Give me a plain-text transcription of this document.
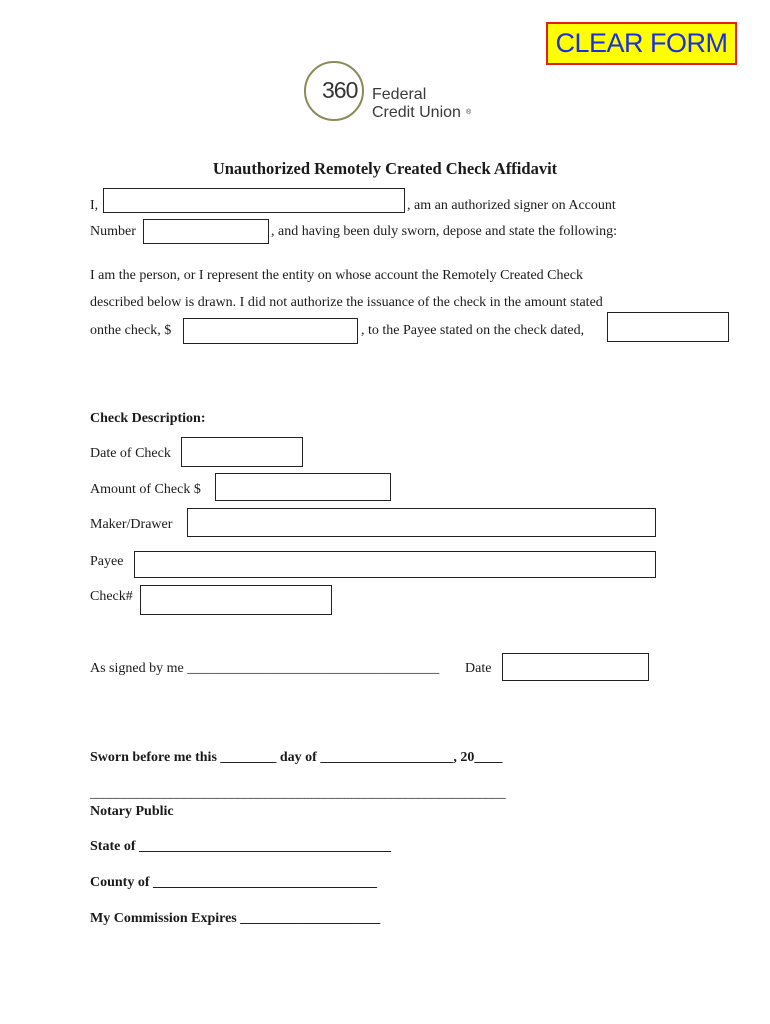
CLEAR FORM
360 Federal
Credit Union ®
Unauthorized Remotely Created Check Affidavit
I,	, am an authorized signer on Account
Number	, and having been duly sworn, depose and state the following:
I am the person, or I represent the entity on whose account the Remotely Created Check
described below is drawn. I did not authorize the issuance of the check in the amount stated
onthe check, $	, to the Payee stated on the check dated,
Check Description:
Date of Check
Amount of Check $
Maker/Drawer
Payee
Check#
As signed by me ____________________________________ Date
Sworn before me this ________ day of ___________________, 20____
______________________________________________________________
Notary Public
State of ____________________________________
County of ________________________________
My Commission Expires ____________________
